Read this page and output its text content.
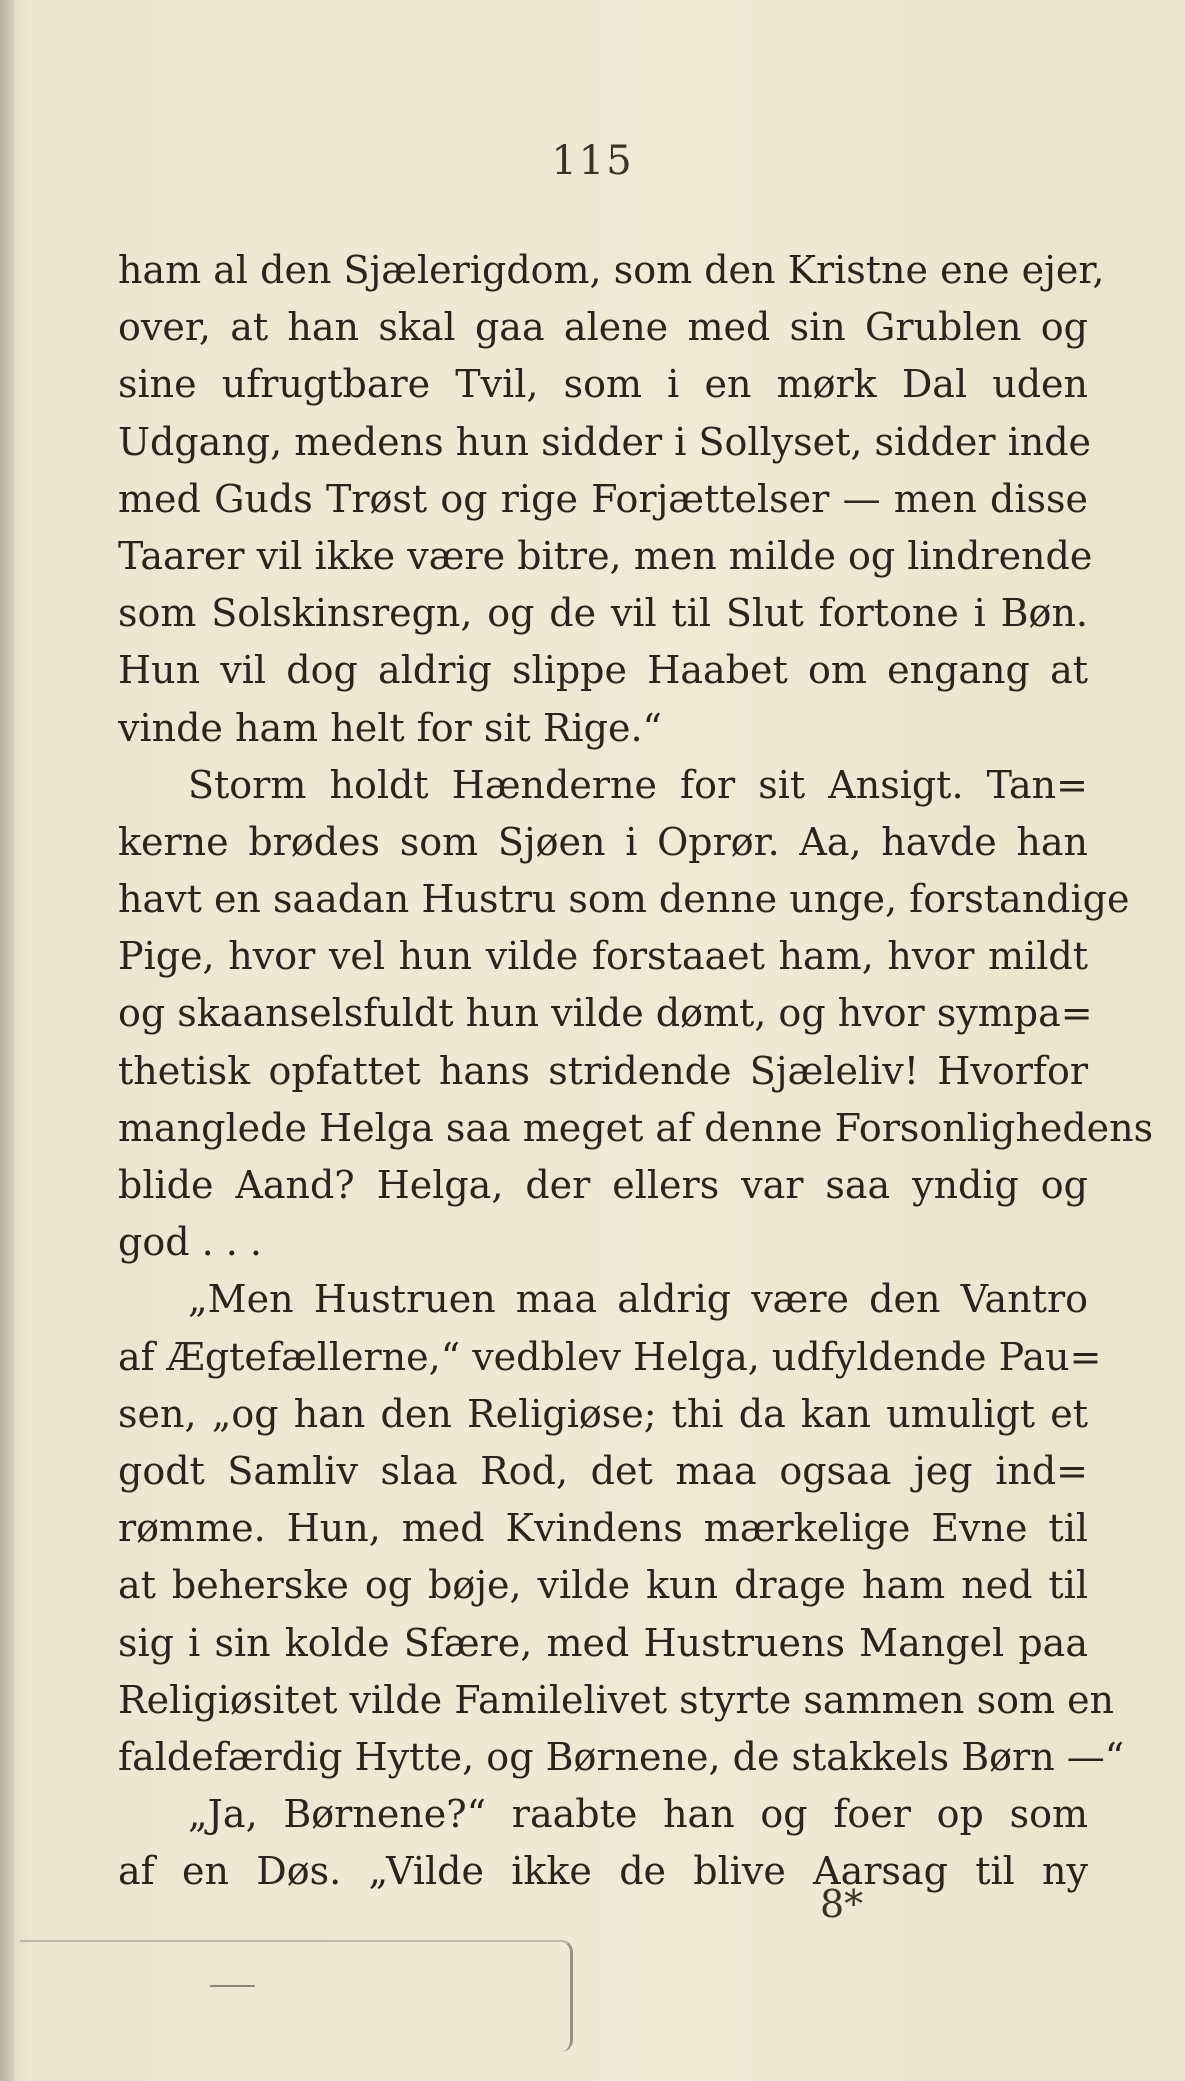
115
ham al den Sjælerigdom, som den Kristne ene ejer,
over, at han skal gaa alene med sin Grublen og
sine ufrugtbare Tvil, som i en mørk Dal uden
Udgang, medens hun sidder i Sollyset, sidder inde
med Guds Trøst og rige Forjættelser — men disse
Taarer vil ikke være bitre, men milde og lindrende
som Solskinsregn, og de vil til Slut fortone i Bøn.
Hun vil dog aldrig slippe Haabet om engang at
vinde ham helt for sit Rige.“
Storm holdt Hænderne for sit Ansigt. Tan=
kerne brødes som Sjøen i Oprør. Aa, havde han
havt en saadan Hustru som denne unge, forstandige
Pige, hvor vel hun vilde forstaaet ham, hvor mildt
og skaanselsfuldt hun vilde dømt, og hvor sympa=
thetisk opfattet hans stridende Sjæleliv! Hvorfor
manglede Helga saa meget af denne Forsonlighedens
blide Aand? Helga, der ellers var saa yndig og
god . . .
„Men Hustruen maa aldrig være den Vantro
af Ægtefællerne,“ vedblev Helga, udfyldende Pau=
sen, „og han den Religiøse; thi da kan umuligt et
godt Samliv slaa Rod, det maa ogsaa jeg ind=
rømme. Hun, med Kvindens mærkelige Evne til
at beherske og bøje, vilde kun drage ham ned til
sig i sin kolde Sfære, med Hustruens Mangel paa
Religiøsitet vilde Familelivet styrte sammen som en
faldefærdig Hytte, og Børnene, de stakkels Børn —“
„Ja, Børnene?“ raabte han og foer op som
af en Døs. „Vilde ikke de blive Aarsag til ny
8*
